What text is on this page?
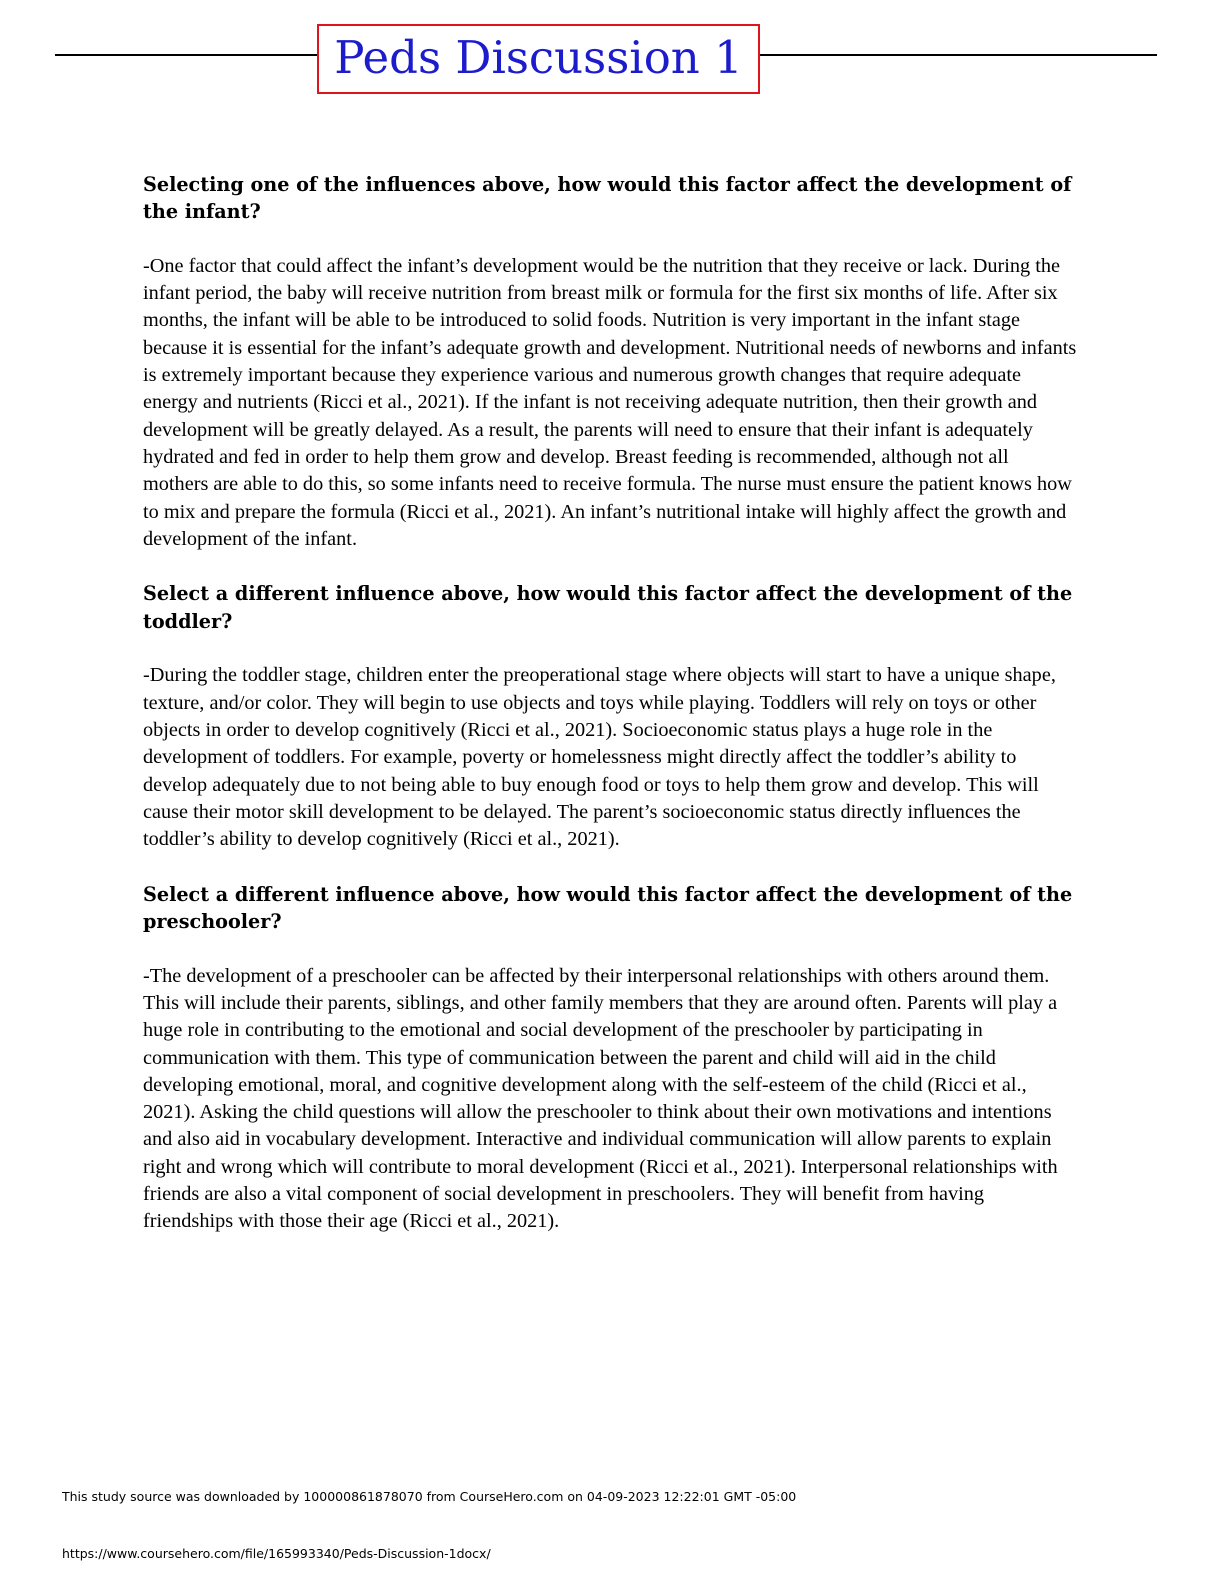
Peds Discussion 1

Selecting one of the influences above, how would this factor affect the development of the infant?

-One factor that could affect the infant’s development would be the nutrition that they receive or lack. During the infant period, the baby will receive nutrition from breast milk or formula for the first six months of life. After six months, the infant will be able to be introduced to solid foods. Nutrition is very important in the infant stage because it is essential for the infant’s adequate growth and development. Nutritional needs of newborns and infants is extremely important because they experience various and numerous growth changes that require adequate energy and nutrients (Ricci et al., 2021). If the infant is not receiving adequate nutrition, then their growth and development will be greatly delayed. As a result, the parents will need to ensure that their infant is adequately hydrated and fed in order to help them grow and develop. Breast feeding is recommended, although not all mothers are able to do this, so some infants need to receive formula. The nurse must ensure the patient knows how to mix and prepare the formula (Ricci et al., 2021). An infant’s nutritional intake will highly affect the growth and development of the infant.

Select a different influence above, how would this factor affect the development of the toddler?

-During the toddler stage, children enter the preoperational stage where objects will start to have a unique shape, texture, and/or color. They will begin to use objects and toys while playing. Toddlers will rely on toys or other objects in order to develop cognitively (Ricci et al., 2021). Socioeconomic status plays a huge role in the development of toddlers. For example, poverty or homelessness might directly affect the toddler’s ability to develop adequately due to not being able to buy enough food or toys to help them grow and develop. This will cause their motor skill development to be delayed. The parent’s socioeconomic status directly influences the toddler’s ability to develop cognitively (Ricci et al., 2021).

Select a different influence above, how would this factor affect the development of the preschooler?

-The development of a preschooler can be affected by their interpersonal relationships with others around them. This will include their parents, siblings, and other family members that they are around often. Parents will play a huge role in contributing to the emotional and social development of the preschooler by participating in communication with them. This type of communication between the parent and child will aid in the child developing emotional, moral, and cognitive development along with the self-esteem of the child (Ricci et al., 2021). Asking the child questions will allow the preschooler to think about their own motivations and intentions and also aid in vocabulary development. Interactive and individual communication will allow parents to explain right and wrong which will contribute to moral development (Ricci et al., 2021). Interpersonal relationships with friends are also a vital component of social development in preschoolers. They will benefit from having friendships with those their age (Ricci et al., 2021).

This study source was downloaded by 100000861878070 from CourseHero.com on 04-09-2023 12:22:01 GMT -05:00
https://www.coursehero.com/file/165993340/Peds-Discussion-1docx/
